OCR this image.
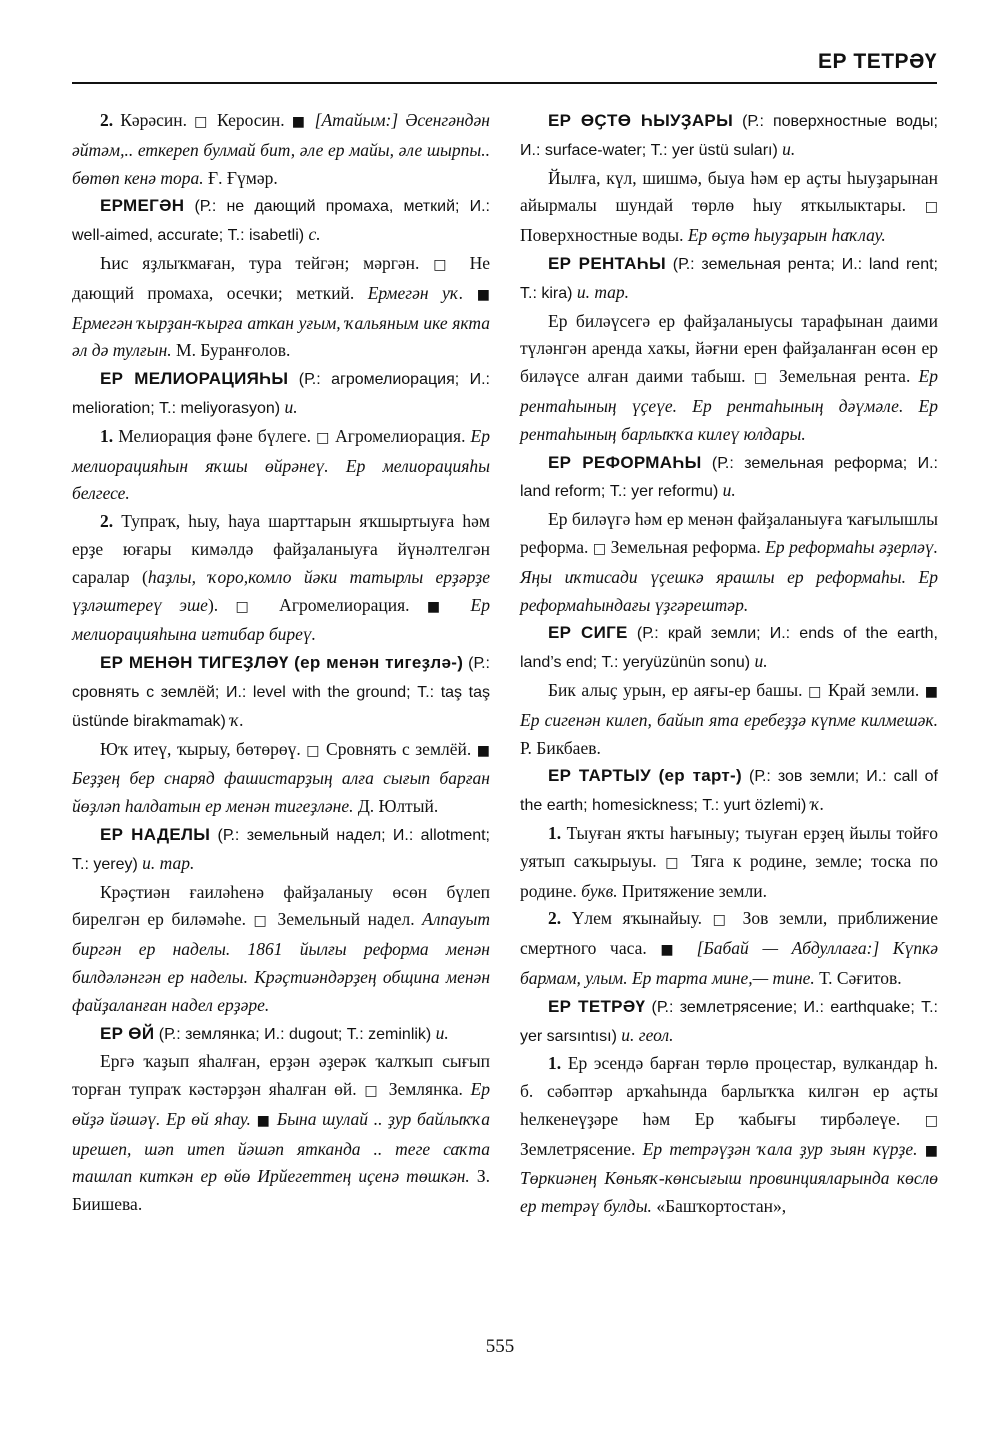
ЕР ТЕТРӘҮ

2. Кәрәсин. □ Керосин. ■ [Атайым:] Әсенгәндән әйтәм,.. еткереп булмай бит, әле ер майы, әле шырпы.. бөтөп кенә тора. Ғ. Ғүмәр.

ЕРМЕГӘН (Р.: не дающий промаха, меткий; И.: well-aimed, accurate; Т.: isabetli) с.

Һис яҙлыҡмаған, тура тейгән; мәргән. □ Не дающий промаха, осечки; меткий. Ермегән уҡ. ■ Ермегән ҡырҙан-ҡырға аткан уғым, ҡальяным ике якта әл дә тулғын. М. Буранғолов.

ЕР МЕЛИОРАЦИЯҺЫ (Р.: агромелиорация; И.: melioration; Т.: meliyorasyon) и.

1. Мелиорация фәне бүлеге. □ Агромелиорация. Ер мелиорацияһын яҡшы өйрәнеү. Ер мелиорацияһы белгесе.

2. Тупраҡ, һыу, һауа шарттарын яҡшыртыуға һәм ерҙе юғары кимәлдә файҙаланыуға йүнәлтелгән саралар (һаҙлы, ҡоро,комло йәки татырлы ерҙәрҙе үҙләштереү эше). □ Агромелиорация. ■ Ер мелиорацияһына иғтибар биреү.

ЕР МЕНӘН ТИГЕҘЛӘҮ (ер менән тигеҙлә-) (Р.: сровнять с землёй; И.: level with the ground; Т.: taş taş üstünde birakmamak) ҡ.

Юҡ итеү, ҡырыу, бөтөрөү. □ Сровнять с землёй. ■ Беҙҙең бер снаряд фашистарҙың алға сығып барған йөҙләп һалдатын ер менән тигеҙләне. Д. Юлтый.

ЕР НАДЕЛЫ (Р.: земельный надел; И.: allotment; Т.: yerey) и. тар.

Крәҫтиән ғаиләһенә файҙаланыу өсөн бүлеп бирелгән ер биләмәһе. □ Земельный надел. Алпауыт биргән ер наделы. 1861 йылғы реформа менән билдәләнгән ер наделы. Крәҫтиәндәрҙең община менән файҙаланған надел ерҙәре.

ЕР ӨЙ (Р.: землянка; И.: dugout; Т.: zeminlik) и.

Ергә ҡаҙып яһалған, ерҙән әҙерәк ҡалҡып сығып торған тупраҡ кәстәрҙән яһалған өй. □ Землянка. Ер өйҙә йәшәү. Ер өй яһау. ■ Бына шулай .. ҙур байлыҡҡа ирешеп, шәп итеп йәшәп ятканда .. теге саҡта ташлап киткән ер өйө Ирйегеттең иҫенә төшкән. З. Биишева.

ЕР ӨҪТӨ ҺЫУҘАРЫ (Р.: поверхностные воды; И.: surface-water; Т.: yer üstü suları) и.

Йылға, күл, шишмә, быуа һәм ер аҫты һыуҙарынан айырмалы шундай төрлө һыу яткылыктары. □ Поверхностные воды. Ер өҫтө һыуҙарын һаҡлау.

ЕР РЕНТАҺЫ (Р.: земельная рента; И.: land rent; Т.: kira) и. тар.

Ер биләүсегә ер файҙаланыусы тарафынан даими түләнгән аренда хаҡы, йәғни ерен файҙаланған өсөн ер биләүсе алған даими табыш. □ Земельная рента. Ер рентаһының үҫеүе. Ер рентаһының дәүмәле. Ер рентаһының барлыҡҡа килеү юлдары.

ЕР РЕФОРМАҺЫ (Р.: земельная реформа; И.: land reform; Т.: yer reformu) и.

Ер биләүгә һәм ер менән файҙаланыуға ҡағылышлы реформа. □ Земельная реформа. Ер реформаһы әҙерләү. Яңы иҡтисади үҫешкә ярашлы ер реформаһы. Ер реформаһындағы үҙгәрештәр.

ЕР СИГЕ (Р.: край земли; И.: ends of the earth, land’s end; Т.: yeryüzünün sonu) и.

Бик алыҫ урын, ер аяғы-ер башы. □ Край земли. ■ Ер сигенән килеп, байып ята еребеҙҙә күпме килмешәк. Р. Бикбаев.

ЕР ТАРТЫУ (ер тарт-) (Р.: зов земли; И.: call of the earth; homesickness; Т.: yurt özlemi) ҡ.

1. Тыуған яҡты һағыныу; тыуған ерҙең йылы тойғо уятып саҡырыуы. □ Тяга к родине, земле; тоска по родине. букв. Притяжение земли.

2. Үлем яҡынайыу. □ Зов земли, приближение смертного часа. ■ [Бабай — Абдуллаға:] Күпкә бармам, улым. Ер тарта мине,— тине. Т. Сәғитов.

ЕР ТЕТРӘҮ (Р.: землетрясение; И.: earthquake; Т.: yer sarsıntısı) и. геол.

1. Ер эсендә барған төрлө процестар, вулкандар һ. б. сәбәптәр арҡаһында барлыҡҡа килгән ер аҫты һелкенеүҙәре һәм Ер ҡабығы тирбәлеүе. □ Землетрясение. Ер тетрәүҙән ҡала ҙур зыян күрҙе. ■ Төркиәнең Көньяҡ-көнсығыш провинцияларында көслө ер тетрәү булды. «Башҡортостан»,

555
